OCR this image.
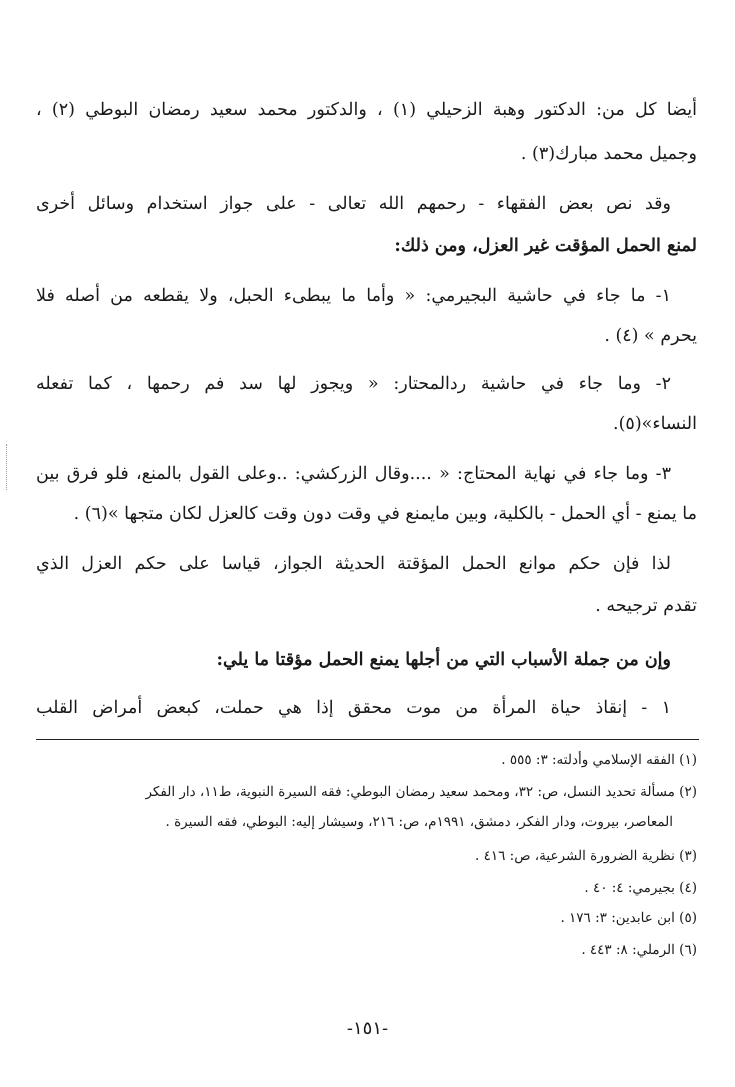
أيضا كل من: الدكتور وهبة الزحيلي (١) ، والدكتور محمد سعيد رمضان البوطي (٢) ،
وجميل محمد مبارك(٣) .
وقد نص بعض الفقهاء - رحمهم الله تعالى - على جواز استخدام وسائل أخرى
لمنع الحمل المؤقت غير العزل، ومن ذلك:
١- ما جاء في حاشية البجيرمي: « وأما ما يبطىء الحبل، ولا يقطعه من أصله فلا
يحرم » (٤) .
٢- وما جاء في حاشية ردالمحتار: « ويجوز لها سد فم رحمها ، كما تفعله
النساء»(٥).
٣- وما جاء في نهاية المحتاج: « ....وقال الزركشي: ..وعلى القول بالمنع، فلو فرق بين
ما يمنع - أي الحمل - بالكلية، وبين مايمنع في وقت دون وقت كالعزل لكان متجها »(٦) .
لذا فإن حكم موانع الحمل المؤقتة الحديثة الجواز، قياسا على حكم العزل الذي
تقدم ترجيحه .
وإن من جملة الأسباب التي من أجلها يمنع الحمل مؤقتا ما يلي:
١ - إنقاذ حياة المرأة من موت محقق إذا هي حملت، كبعض أمراض القلب
(١) الفقه الإسلامي وأدلته: ٣: ٥٥٥ .
(٢) مسألة تحديد النسل، ص: ٣٢، ومحمد سعيد رمضان البوطي: فقه السيرة النبوية، ط١١، دار الفكر
المعاصر، بيروت، ودار الفكر، دمشق، ١٩٩١م، ص: ٢١٦، وسيشار إليه: البوطي، فقه السيرة .
(٣) نظرية الضرورة الشرعية، ص: ٤١٦ .
(٤) بجيرمي: ٤: ٤٠ .
(٥) ابن عابدين: ٣: ١٧٦ .
(٦) الرملي: ٨: ٤٤٣ .
-١٥١-
